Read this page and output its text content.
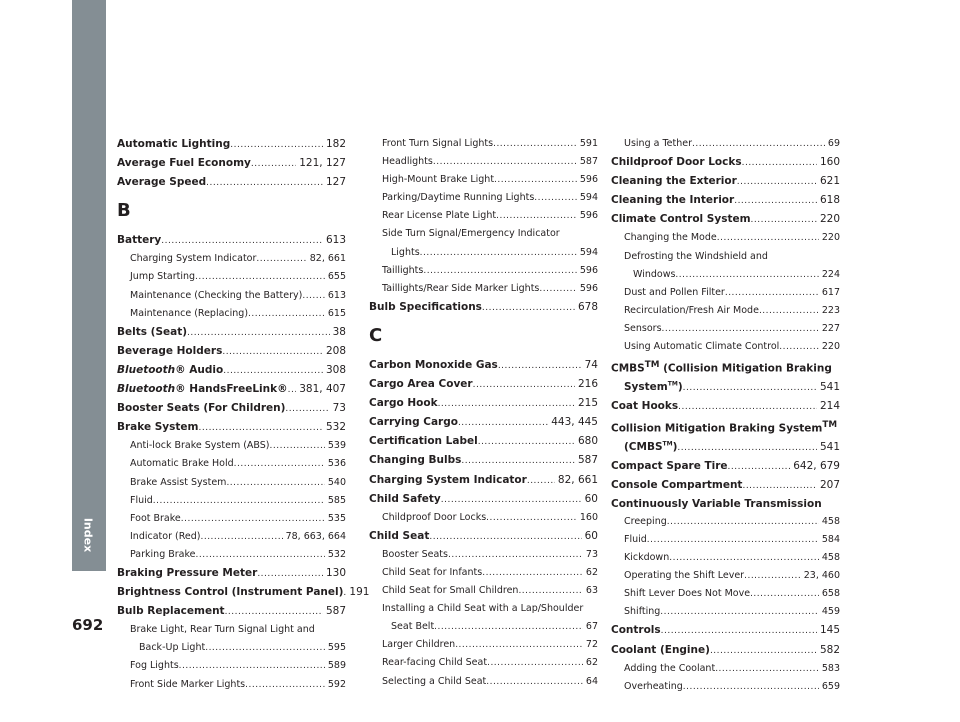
Index
Automatic Lighting .....	182
Average Fuel Economy .....	121, 127
Average Speed .....	127
B
Battery .....	613
Charging System Indicator .....	82, 661
Jump Starting .....	655
Maintenance (Checking the Battery) .....	613
Maintenance (Replacing) .....	615
Belts (Seat) .....	38
Beverage Holders .....	208
Bluetooth® Audio .....	308
Bluetooth® HandsFreeLink® ..... 381, 407
Booster Seats (For Children) .....	73
Brake System .....	532
Anti-lock Brake System (ABS) .....	539
Automatic Brake Hold .....	536
Brake Assist System .....	540
Fluid .....	585
Foot Brake .....	535
Indicator (Red) .....	78, 663, 664
Parking Brake .....	532
Braking Pressure Meter .....	130
Brightness Control (Instrument Panel) ..... 191
Bulb Replacement .....	587
Brake Light, Rear Turn Signal Light and
Back-Up Light .....	595
Fog Lights .....	589
Front Side Marker Lights .....	592
Front Turn Signal Lights .....	591
Headlights .....	587
High-Mount Brake Light .....	596
Parking/Daytime Running Lights .....	594
Rear License Plate Light .....	596
Side Turn Signal/Emergency Indicator
Lights .....	594
Taillights .....	596
Taillights/Rear Side Marker Lights .....	596
Bulb Specifications .....	678
C
Carbon Monoxide Gas .....	74
Cargo Area Cover .....	216
Cargo Hook .....	215
Carrying Cargo .....	443, 445
Certification Label .....	680
Changing Bulbs .....	587
Charging System Indicator .....	82, 661
Child Safety .....	60
Childproof Door Locks .....	160
Child Seat .....	60
Booster Seats .....	73
Child Seat for Infants .....	62
Child Seat for Small Children .....	63
Installing a Child Seat with a Lap/Shoulder
Seat Belt .....	67
Larger Children .....	72
Rear-facing Child Seat .....	62
Selecting a Child Seat .....	64
Using a Tether .....	69
Childproof Door Locks .....	160
Cleaning the Exterior .....	621
Cleaning the Interior .....	618
Climate Control System .....	220
Changing the Mode .....	220
Defrosting the Windshield and
Windows .....	224
Dust and Pollen Filter .....	617
Recirculation/Fresh Air Mode .....	223
Sensors .....	227
Using Automatic Climate Control .....	220
CMBS™ (Collision Mitigation Braking
System™) .....	541
Coat Hooks .....	214
Collision Mitigation Braking System™
(CMBS™) .....	541
Compact Spare Tire .....	642, 679
Console Compartment .....	207
Continuously Variable Transmission
Creeping .....	458
Fluid .....	584
Kickdown .....	458
Operating the Shift Lever .....	23, 460
Shift Lever Does Not Move .....	658
Shifting .....	459
Controls .....	145
Coolant (Engine) .....	582
Adding the Coolant .....	583
Overheating .....	659
692
